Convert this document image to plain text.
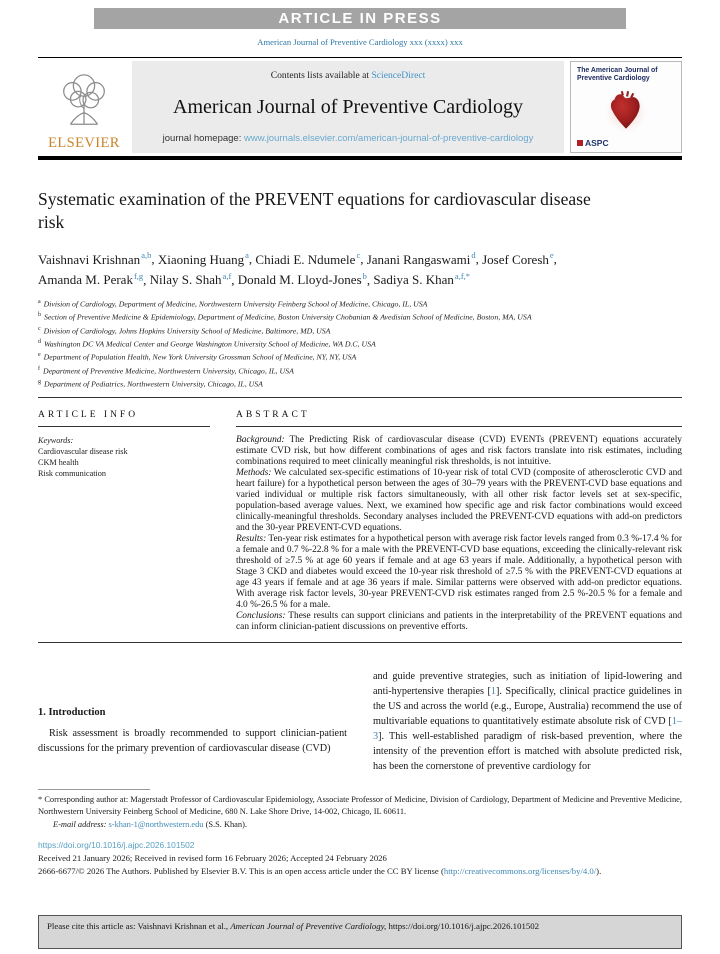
ARTICLE IN PRESS
American Journal of Preventive Cardiology xxx (xxxx) xxx
ELSEVIER
Contents lists available at ScienceDirect
American Journal of Preventive Cardiology
journal homepage: www.journals.elsevier.com/american-journal-of-preventive-cardiology
The American Journal of
Preventive Cardiology
ASPC
Systematic examination of the PREVENT equations for cardiovascular disease risk
Vaishnavi Krishnan$^{a,b}$, Xiaoning Huang$^a$, Chiadi E. Ndumele$^c$, Janani Rangaswami$^d$, Josef Coresh$^e$, Amanda M. Perak$^{f,g}$, Nilay S. Shah$^{a,f}$, Donald M. Lloyd-Jones$^b$, Sadiya S. Khan$^{a,f,*}$
$^a$ Division of Cardiology, Department of Medicine, Northwestern University Feinberg School of Medicine, Chicago, IL, USA
$^b$ Section of Preventive Medicine & Epidemiology, Department of Medicine, Boston University Chobanian & Avedisian School of Medicine, Boston, MA, USA
$^c$ Division of Cardiology, Johns Hopkins University School of Medicine, Baltimore, MD, USA
$^d$ Washington DC VA Medical Center and George Washington University School of Medicine, WA D.C, USA
$^e$ Department of Population Health, New York University Grossman School of Medicine, NY, NY, USA
$^f$ Department of Preventive Medicine, Northwestern University, Chicago, IL, USA
$^g$ Department of Pediatrics, Northwestern University, Chicago, IL, USA
ARTICLE INFO
Keywords:
Cardiovascular disease risk
CKM health
Risk communication
ABSTRACT

Background: The Predicting Risk of cardiovascular disease (CVD) EVENTs (PREVENT) equations accurately estimate CVD risk, but how different combinations of ages and risk factors translate into risk estimates, including combinations required to meet clinically meaningful risk thresholds, is not intuitive.

Methods: We calculated sex-specific estimations of 10-year risk of total CVD (composite of atherosclerotic CVD and heart failure) for a hypothetical person between the ages of 30–79 years with the PREVENT-CVD base equations and varied individual or multiple risk factors simultaneously, with all other risk factor levels set at sex-specific, population-based average values. Next, we examined how specific age and risk factor combinations would exceed clinically-meaningful thresholds. Secondary analyses included the PREVENT-CVD equations with add-on predictors and the 30-year PREVENT-CVD equations.

Results: Ten-year risk estimates for a hypothetical person with average risk factor levels ranged from 0.3 %-17.4 % for a female and 0.7 %-22.8 % for a male with the PREVENT-CVD base equations, exceeding the clinically-relevant risk threshold of ≥7.5 % at age 60 years if female and at age 63 years if male. Additionally, a hypothetical person with Stage 3 CKD and diabetes would exceed the 10-year risk threshold of ≥7.5 % with the PREVENT-CVD equations at age 43 years if female and at age 36 years if male. Similar patterns were observed with add-on predictor equations. With average risk factor levels, 30-year PREVENT-CVD risk estimates ranged from 2.5 %-20.5 % for a female and 4.0 %-26.5 % for a male.

Conclusions: These results can support clinicians and patients in the interpretability of the PREVENT equations and can inform clinician-patient discussions on preventive efforts.

1. Introduction

Risk assessment is broadly recommended to support clinician-patient discussions for the primary prevention of cardiovascular disease (CVD)

and guide preventive strategies, such as initiation of lipid-lowering and anti-hypertensive therapies [1]. Specifically, clinical practice guidelines in the US and across the world (e.g., Europe, Australia) recommend the use of multivariable equations to quantitatively estimate absolute risk of CVD [1–3]. This well-established paradigm of risk-based prevention, where the intensity of the prevention effort is matched with absolute predicted risk, has been the cornerstone of preventive cardiology for

* Corresponding author at: Magerstadt Professor of Cardiovascular Epidemiology, Associate Professor of Medicine, Division of Cardiology, Department of Medicine and Preventive Medicine, Northwestern University Feinberg School of Medicine, 680 N. Lake Shore Drive, 14-002, Chicago, IL 60611.
E-mail address: s-khan-1@northwestern.edu (S.S. Khan).
https://doi.org/10.1016/j.ajpc.2026.101502
Received 21 January 2026; Received in revised form 16 February 2026; Accepted 24 February 2026
2666-6677/© 2026 The Authors. Published by Elsevier B.V. This is an open access article under the CC BY license (http://creativecommons.org/licenses/by/4.0/).
Please cite this article as: Vaishnavi Krishnan et al., American Journal of Preventive Cardiology, https://doi.org/10.1016/j.ajpc.2026.101502
